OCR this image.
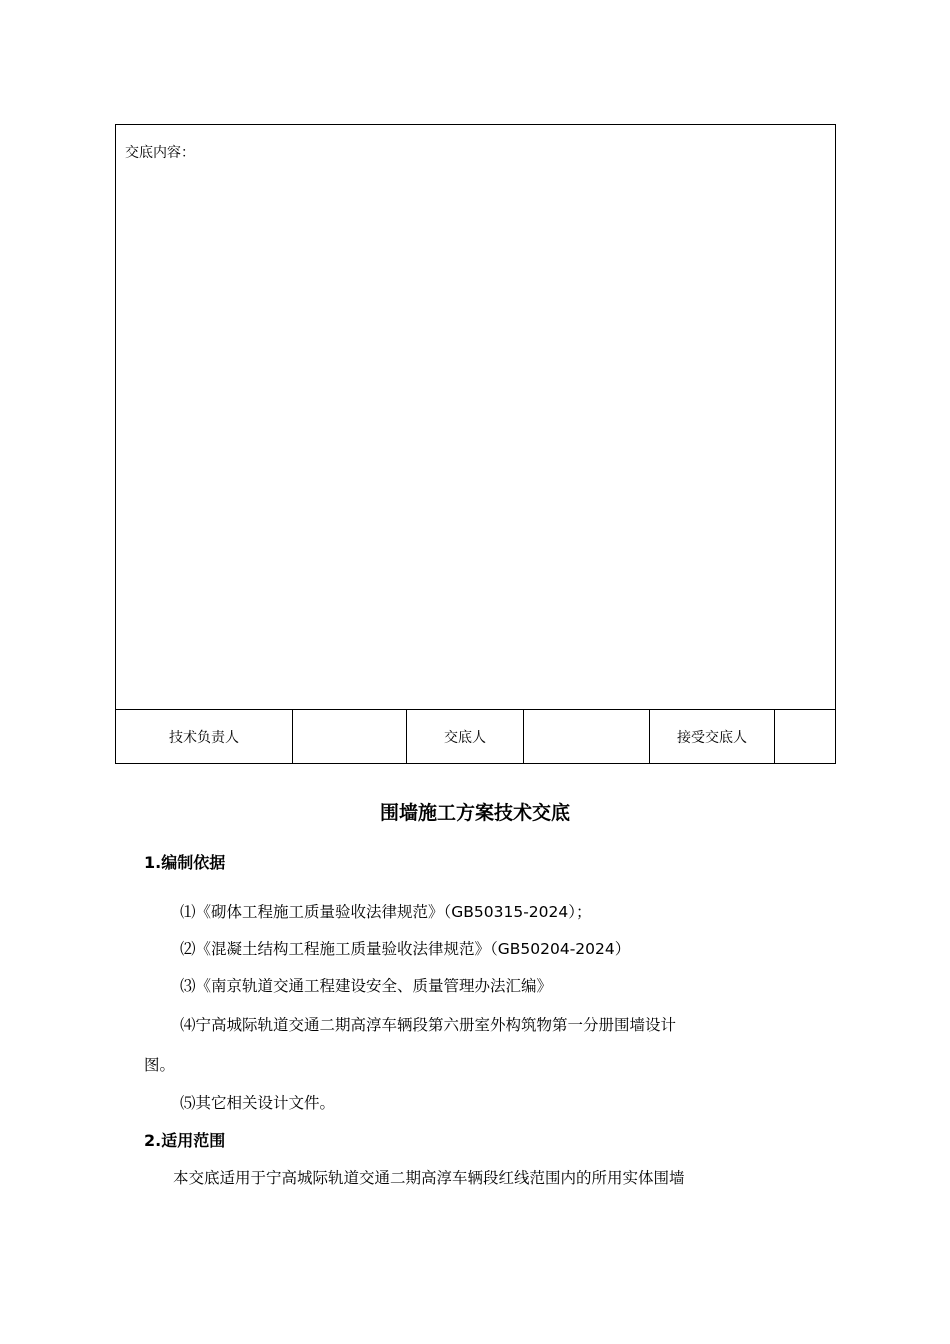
交底内容：
技术负责人	交底人	接受交底人
围墙施工方案技术交底
1.编制依据
⑴《砌体工程施工质量验收法律规范》（GB50315-2024）；
⑵《混凝土结构工程施工质量验收法律规范》（GB50204-2024）
⑶《南京轨道交通工程建设安全、质量管理办法汇编》
⑷宁高城际轨道交通二期高淳车辆段第六册室外构筑物第一分册围墙设计
图。
⑸其它相关设计文件。
2.适用范围
本交底适用于宁高城际轨道交通二期高淳车辆段红线范围内的所用实体围墙
